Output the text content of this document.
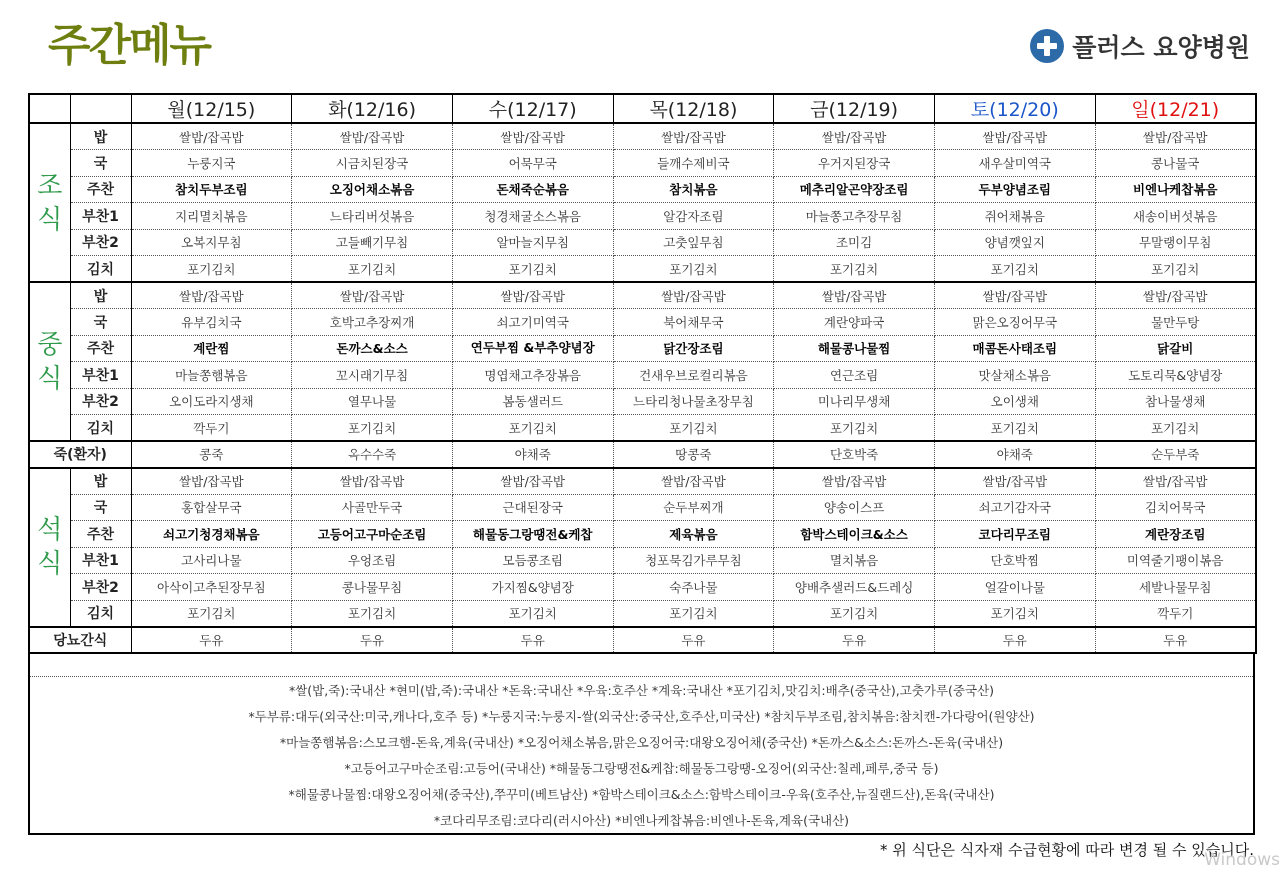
주간메뉴	플러스 요양병원
		월(12/15)	화(12/16)	수(12/17)	목(12/18)	금(12/19)	토(12/20)	일(12/21)

조
식	밥	쌀밥/잡곡밥	쌀밥/잡곡밥	쌀밥/잡곡밥	쌀밥/잡곡밥	쌀밥/잡곡밥	쌀밥/잡곡밥	쌀밥/잡곡밥
	국	누룽지국	시금치된장국	어묵무국	들깨수제비국	우거지된장국	새우살미역국	콩나물국
	주찬	참치두부조림	오징어채소볶음	돈채죽순볶음	참치볶음	메추리알곤약장조림	두부양념조림	비엔나케찹볶음
	부찬1	지리멸치볶음	느타리버섯볶음	청경채굴소스볶음	알감자조림	마늘쫑고추장무침	쥐어채볶음	새송이버섯볶음
	부찬2	오복지무침	고들빼기무침	알마늘지무침	고춧잎무침	조미김	양념깻잎지	무말랭이무침
	김치	포기김치	포기김치	포기김치	포기김치	포기김치	포기김치	포기김치

중
식	밥	쌀밥/잡곡밥	쌀밥/잡곡밥	쌀밥/잡곡밥	쌀밥/잡곡밥	쌀밥/잡곡밥	쌀밥/잡곡밥	쌀밥/잡곡밥
	국	유부김치국	호박고추장찌개	쇠고기미역국	북어채무국	계란양파국	맑은오징어무국	물만두탕
	주찬	계란찜	돈까스&소스	연두부찜 &부추양념장	닭간장조림	해물콩나물찜	매콤돈사태조림	닭갈비
	부찬1	마늘쫑햄볶음	꼬시래기무침	명엽채고추장볶음	건새우브로컬리볶음	연근조림	맛살채소볶음	도토리묵&양념장
	부찬2	오이도라지생채	열무나물	봄동샐러드	느타리청나물초장무침	미나리무생채	오이생채	참나물생채
	김치	깍두기	포기김치	포기김치	포기김치	포기김치	포기김치	포기김치
죽(환자)		콩죽	옥수수죽	야채죽	땅콩죽	단호박죽	야채죽	순두부죽

석
식	밥	쌀밥/잡곡밥	쌀밥/잡곡밥	쌀밥/잡곡밥	쌀밥/잡곡밥	쌀밥/잡곡밥	쌀밥/잡곡밥	쌀밥/잡곡밥
	국	홍합살무국	사골만두국	근대된장국	순두부찌개	양송이스프	쇠고기감자국	김치어묵국
	주찬	쇠고기청경채볶음	고등어고구마순조림	해물동그랑땡전&케찹	제육볶음	함박스테이크&소스	코다리무조림	계란장조림
	부찬1	고사리나물	우엉조림	모듬콩조림	청포묵김가루무침	멸치볶음	단호박찜	미역줄기팽이볶음
	부찬2	아삭이고추된장무침	콩나물무침	가지찜&양념장	숙주나물	양배추샐러드&드레싱	얼갈이나물	세발나물무침
	김치	포기김치	포기김치	포기김치	포기김치	포기김치	포기김치	깍두기
당뇨간식		두유	두유	두유	두유	두유	두유	두유
*쌀(밥,죽):국내산 *현미(밥,죽):국내산 *돈육:국내산 *우육:호주산 *계육:국내산 *포기김치,맛김치:배추(중국산),고춧가루(중국산)
*두부류:대두(외국산:미국,캐나다,호주 등) *누룽지국:누룽지-쌀(외국산:중국산,호주산,미국산) *참치두부조림,참치볶음:참치캔-가다랑어(원양산)
*마늘쫑햄볶음:스모크햄-돈육,계육(국내산) *오징어채소볶음,맑은오징어국:대왕오징어채(중국산) *돈까스&소스:돈까스-돈육(국내산)
*고등어고구마순조림:고등어(국내산) *해물동그랑땡전&케찹:해물동그랑땡-오징어(외국산:칠레,페루,중국 등)
*해물콩나물찜:대왕오징어채(중국산),쭈꾸미(베트남산) *함박스테이크&소스:함박스테이크-우육(호주산,뉴질랜드산),돈육(국내산)
*코다리무조림:코다리(러시아산) *비엔나케찹볶음:비엔나-돈육,계육(국내산)
* 위 식단은 식자재 수급현황에 따라 변경 될 수 있습니다.
Windows
